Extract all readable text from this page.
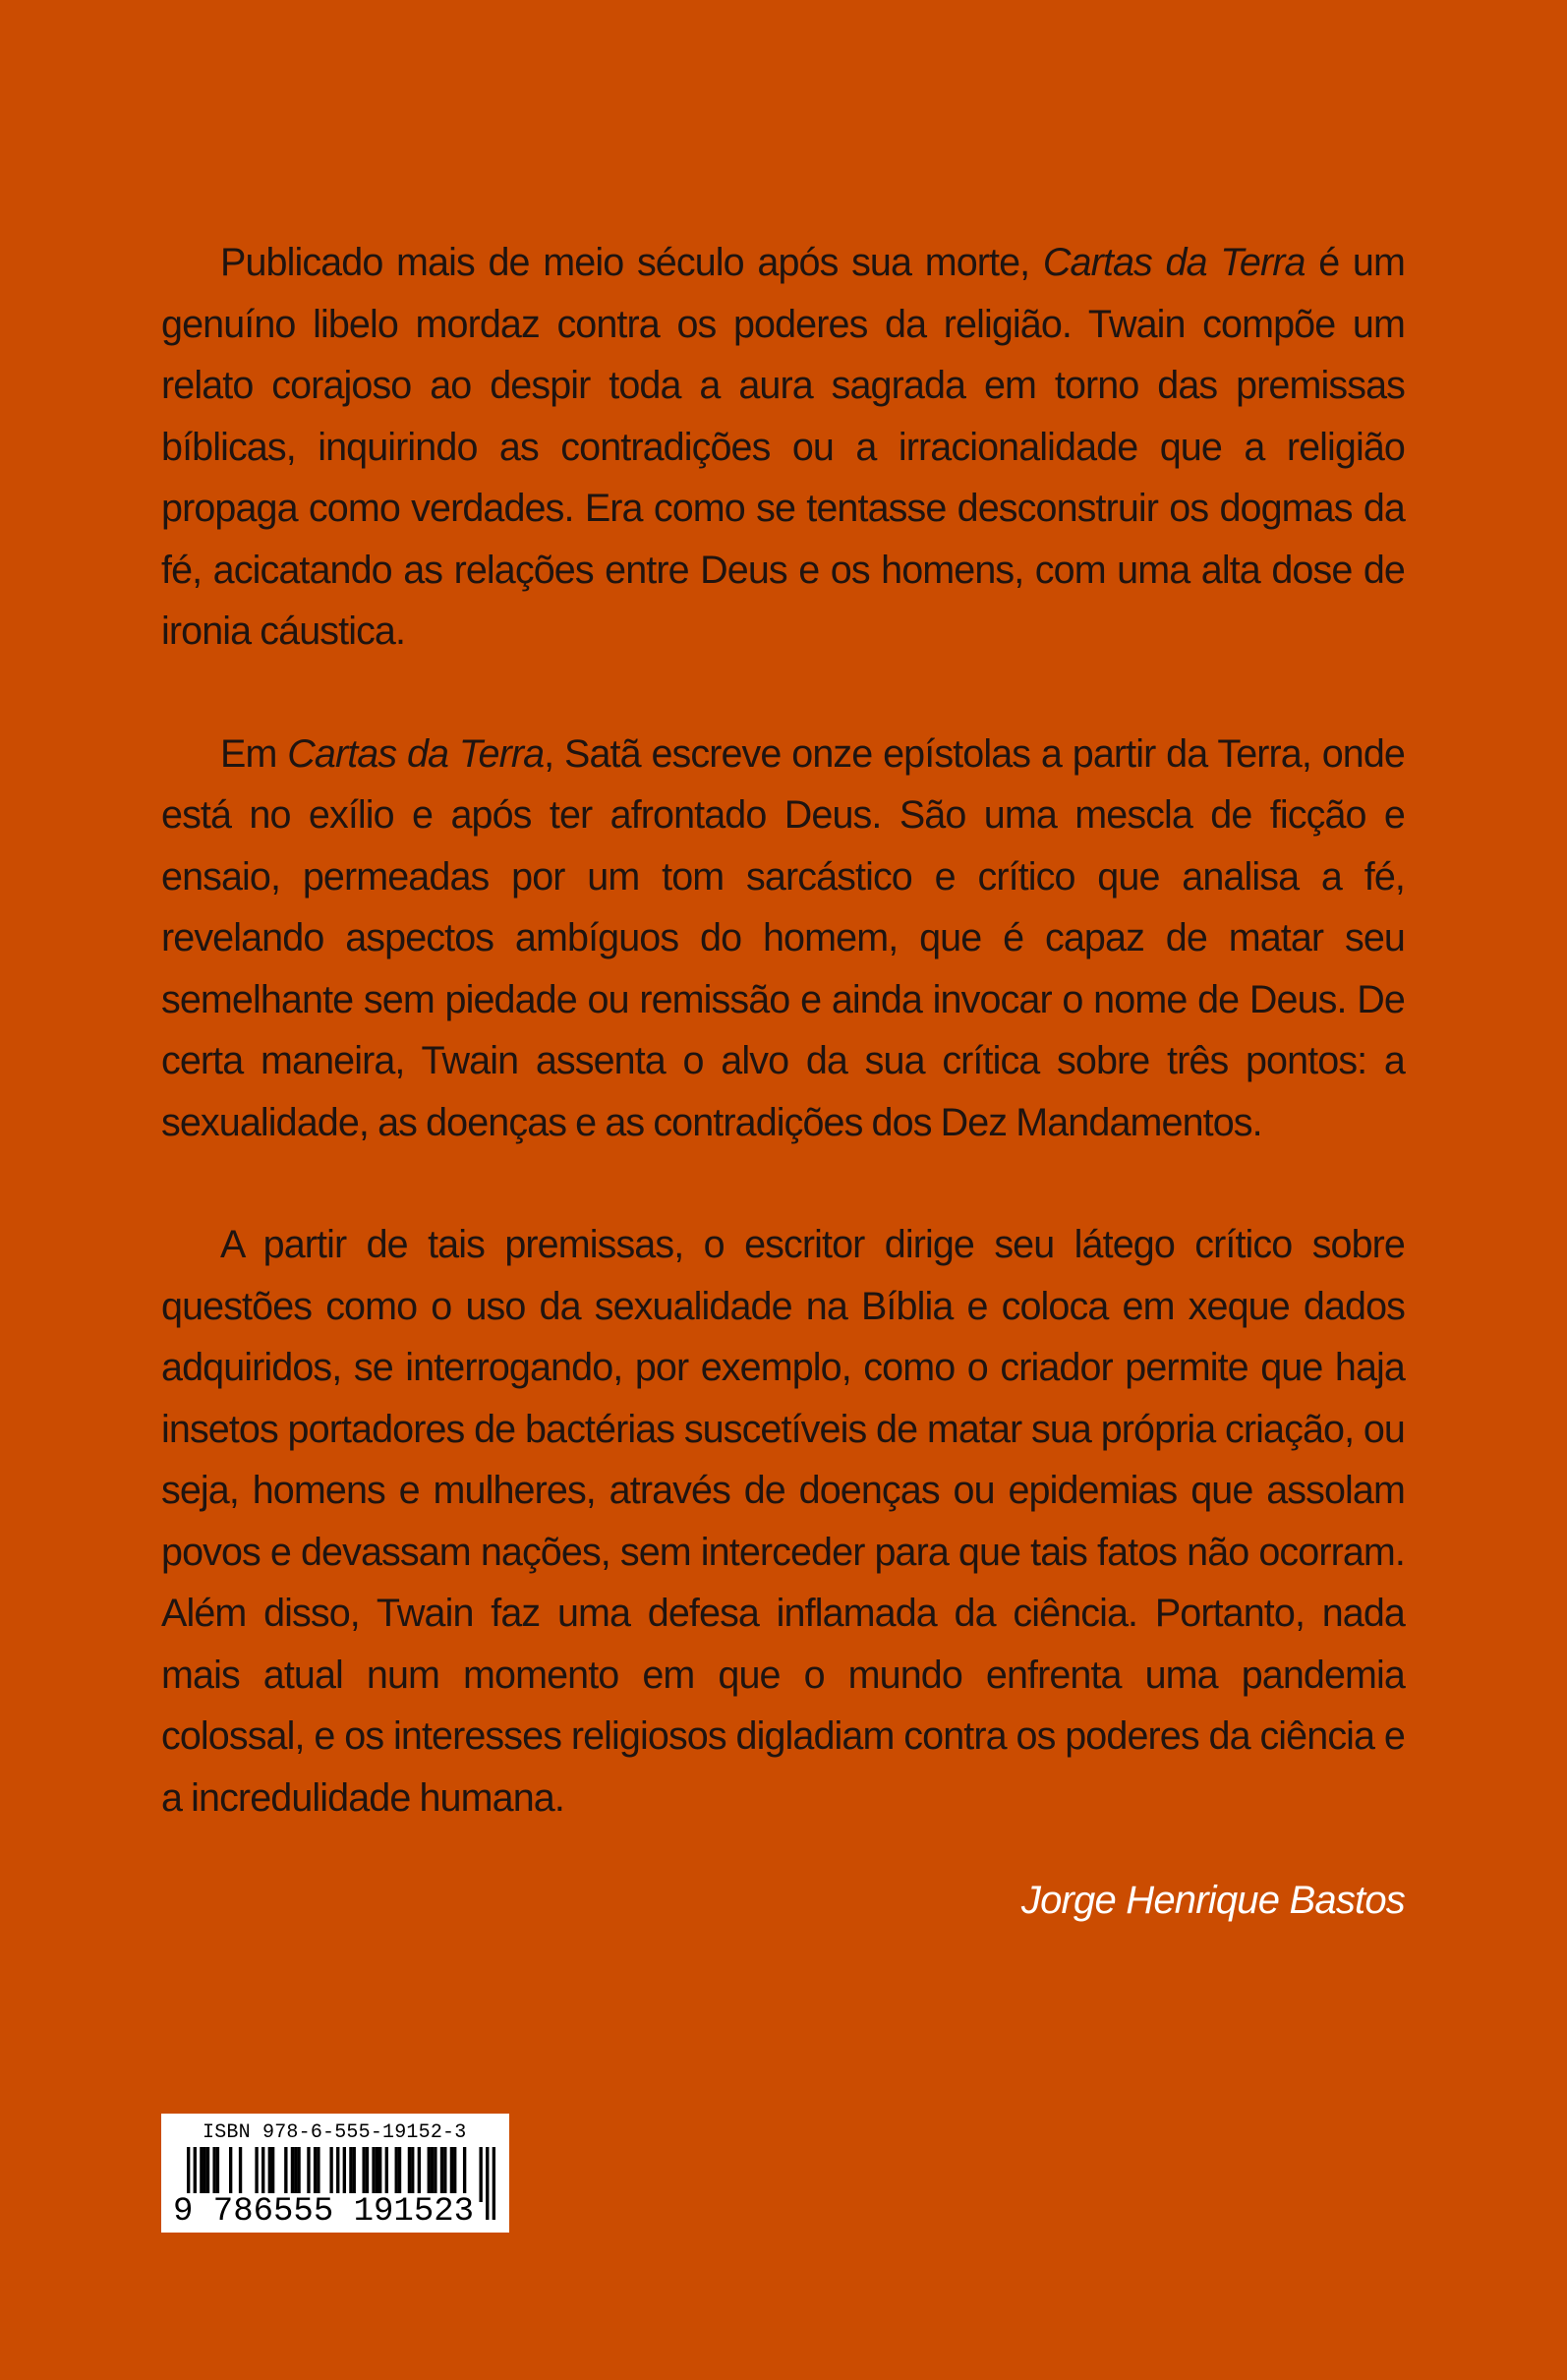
Publicado mais de meio século após sua morte, Cartas da Terra é um genuíno libelo mordaz contra os poderes da religião. Twain compõe um relato corajoso ao despir toda a aura sagrada em torno das premissas bíblicas, inquirindo as contradições ou a irracionalidade que a religião propaga como verdades. Era como se tentasse desconstruir os dogmas da fé, acicatando as relações entre Deus e os homens, com uma alta dose de ironia cáustica.

Em Cartas da Terra, Satã escreve onze epístolas a partir da Terra, onde está no exílio e após ter afrontado Deus. São uma mescla de ficção e ensaio, permeadas por um tom sarcástico e crítico que analisa a fé, revelando aspectos ambíguos do homem, que é capaz de matar seu semelhante sem piedade ou remissão e ainda invocar o nome de Deus. De certa maneira, Twain assenta o alvo da sua crítica sobre três pontos: a sexualidade, as doenças e as contradições dos Dez Mandamentos.

A partir de tais premissas, o escritor dirige seu látego crítico sobre questões como o uso da sexualidade na Bíblia e coloca em xeque dados adquiridos, se interrogando, por exemplo, como o criador permite que haja insetos portadores de bactérias suscetíveis de matar sua própria criação, ou seja, homens e mulheres, através de doenças ou epidemias que assolam povos e devassam nações, sem interceder para que tais fatos não ocorram. Além disso, Twain faz uma defesa inflamada da ciência. Portanto, nada mais atual num momento em que o mundo enfrenta uma pandemia colossal, e os interesses religiosos digladiam contra os poderes da ciência e a incredulidade humana.

Jorge Henrique Bastos
ISBN 978-6-555-19152-3
9 786555 191523
